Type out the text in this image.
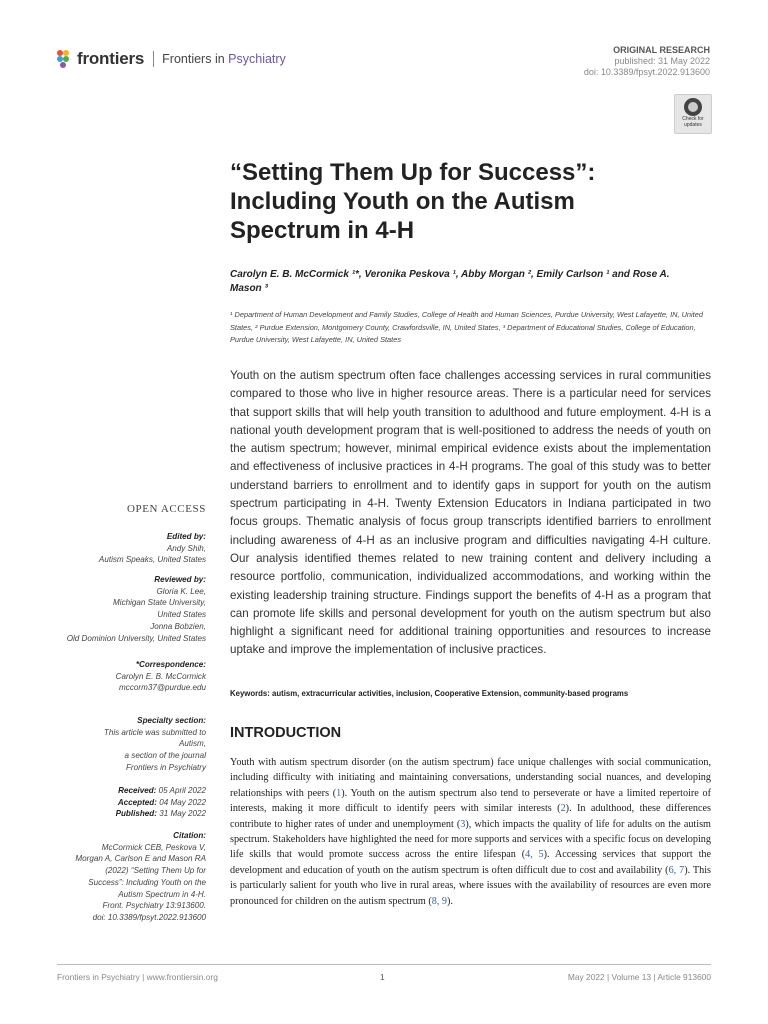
frontiers Frontiers in Psychiatry
ORIGINAL RESEARCH
published: 31 May 2022
doi: 10.3389/fpsyt.2022.913600
Check for
updates
“Setting Them Up for Success”: Including Youth on the Autism Spectrum in 4-H
Carolyn E. B. McCormick ¹*, Veronika Peskova ¹, Abby Morgan ², Emily Carlson ¹ and Rose A. Mason ³
¹ Department of Human Development and Family Studies, College of Health and Human Sciences, Purdue University, West Lafayette, IN, United States, ² Purdue Extension, Montgomery County, Crawfordsville, IN, United States, ³ Department of Educational Studies, College of Education, Purdue University, West Lafayette, IN, United States
Youth on the autism spectrum often face challenges accessing services in rural communities compared to those who live in higher resource areas. There is a particular need for services that support skills that will help youth transition to adulthood and future employment. 4-H is a national youth development program that is well-positioned to address the needs of youth on the autism spectrum; however, minimal empirical evidence exists about the implementation and effectiveness of inclusive practices in 4-H programs. The goal of this study was to better understand barriers to enrollment and to identify gaps in support for youth on the autism spectrum participating in 4-H. Twenty Extension Educators in Indiana participated in two focus groups. Thematic analysis of focus group transcripts identified barriers to enrollment including awareness of 4-H as an inclusive program and difficulties navigating 4-H culture. Our analysis identified themes related to new training content and delivery including a resource portfolio, communication, individualized accommodations, and working within the existing leadership training structure. Findings support the benefits of 4-H as a program that can promote life skills and personal development for youth on the autism spectrum but also highlight a significant need for additional training opportunities and resources to increase uptake and improve the implementation of inclusive practices.
Keywords: autism, extracurricular activities, inclusion, Cooperative Extension, community-based programs
INTRODUCTION
Youth with autism spectrum disorder (on the autism spectrum) face unique challenges with social communication, including difficulty with initiating and maintaining conversations, understanding social nuances, and developing relationships with peers (1). Youth on the autism spectrum also tend to perseverate or have a limited repertoire of interests, making it more difficult to identify peers with similar interests (2). In adulthood, these differences contribute to higher rates of under and unemployment (3), which impacts the quality of life for adults on the autism spectrum. Stakeholders have highlighted the need for more supports and services with a specific focus on developing life skills that would promote success across the entire lifespan (4, 5). Accessing services that support the development and education of youth on the autism spectrum is often difficult due to cost and availability (6, 7). This is particularly salient for youth who live in rural areas, where issues with the availability of resources are even more pronounced for children on the autism spectrum (8, 9).
OPEN ACCESS
Edited by:
Andy Shih,
Autism Speaks, United States
Reviewed by:
Gloria K. Lee,
Michigan State University,
United States
Jonna Bobzien,
Old Dominion University, United States
*Correspondence:
Carolyn E. B. McCormick
mccorm37@purdue.edu
Specialty section:
This article was submitted to
Autism,
a section of the journal
Frontiers in Psychiatry
Received: 05 April 2022
Accepted: 04 May 2022
Published: 31 May 2022
Citation:
McCormick CEB, Peskova V,
Morgan A, Carlson E and Mason RA
(2022) “Setting Them Up for
Success”: Including Youth on the
Autism Spectrum in 4-H.
Front. Psychiatry 13:913600.
doi: 10.3389/fpsyt.2022.913600
Frontiers in Psychiatry | www.frontiersin.org	1	May 2022 | Volume 13 | Article 913600
